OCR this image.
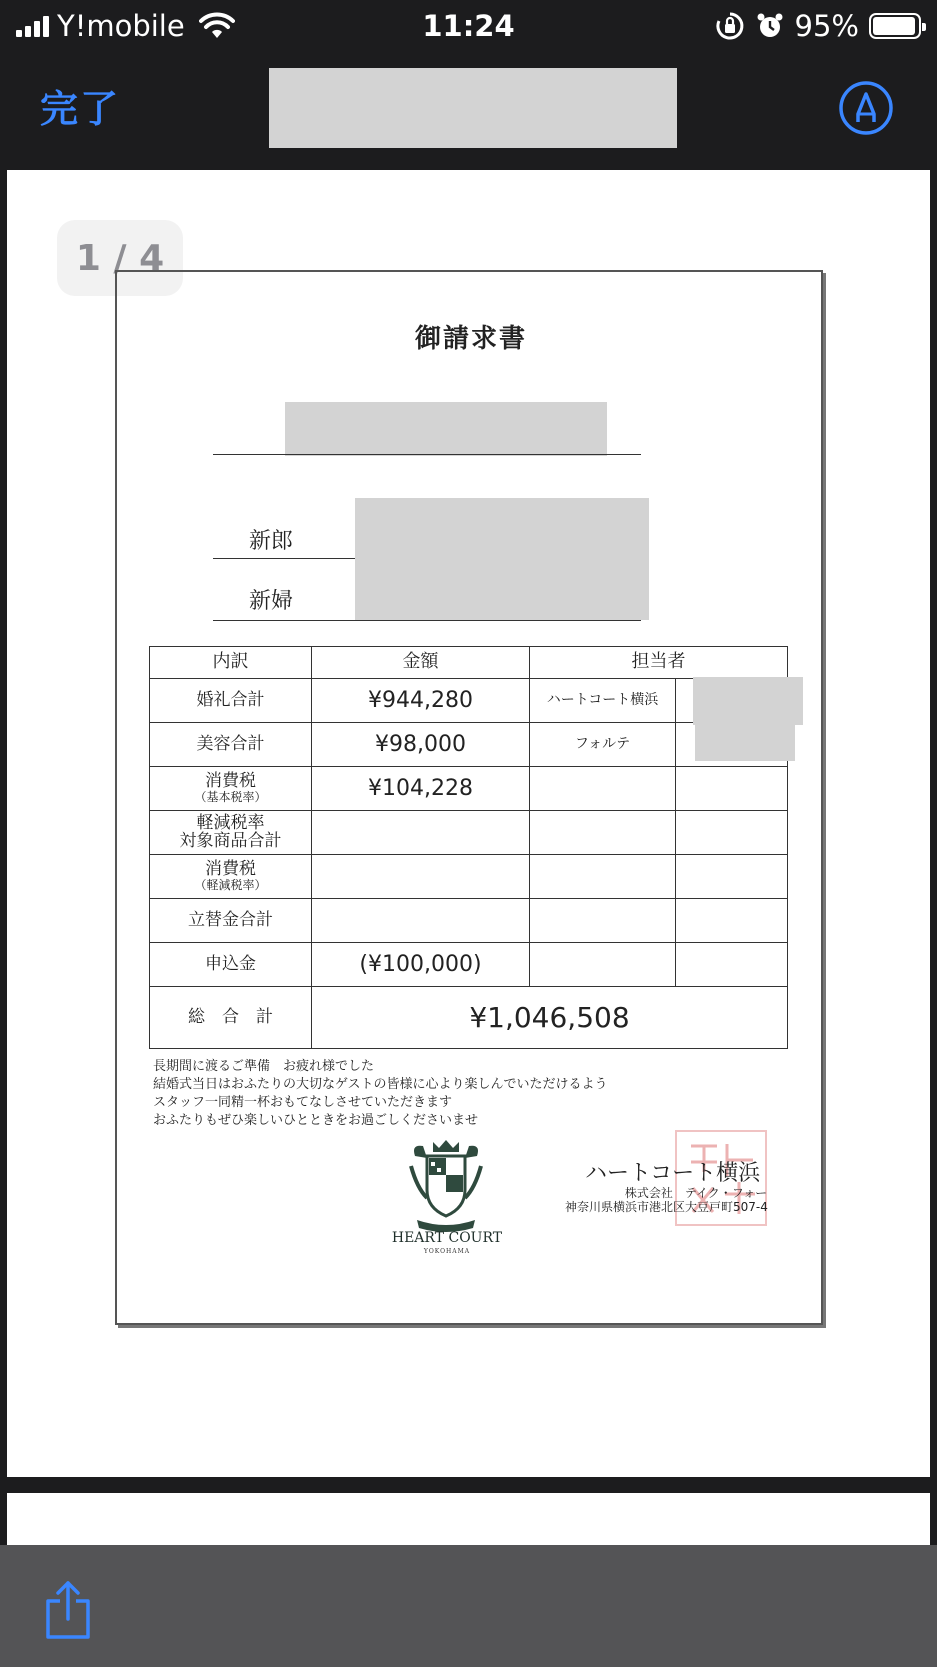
Y!mobile	11:24	95%
完了
1 / 4
御請求書
新郎
新婦
内訳	金額	担当者	
婚礼合計	¥944,280	ハートコート横浜	
美容合計	¥98,000	フォルテ	
消費税
（基本税率）	¥104,228		
軽減税率
対象商品合計			
消費税
（軽減税率）			

立替金合計			
申込金	(¥100,000)		
総　合　計	¥1,046,508		
長期間に渡るご準備　お疲れ様でした
結婚式当日はおふたりの大切なゲストの皆様に心より楽しんでいただけるよう
スタッフ一同精一杯おもてなしさせていただきます
おふたりもぜひ楽しいひとときをお過ごしくださいませ
HEART COURT
YOKOHAMA
ハートコート横浜
株式会社　テイク・フォー
神奈川県横浜市港北区大豆戸町507-4
